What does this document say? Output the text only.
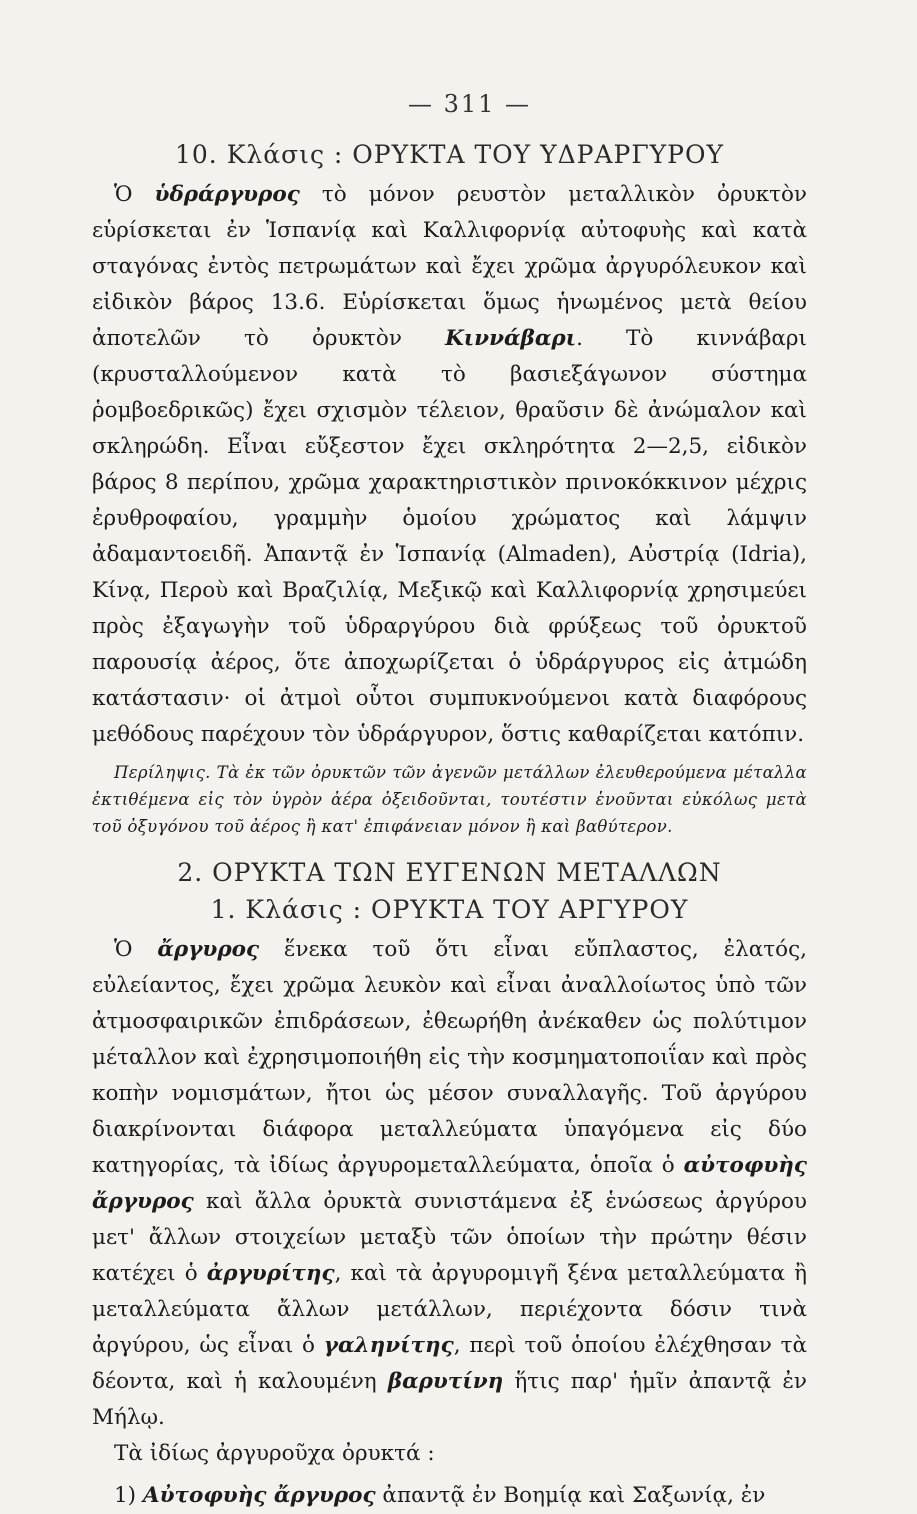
— 311 —
10. Κλάσις : ΟΡΥΚΤΑ ΤΟΥ ΥΔΡΑΡΓΥΡΟΥ

Ὁ ὑδράργυρος τὸ μόνον ρευστὸν μεταλλικὸν ὀρυκτὸν εὑρίσκεται ἐν Ἱσπανίᾳ καὶ Καλλιφορνίᾳ αὐτοφυὴς καὶ κατὰ σταγόνας ἐντὸς πετρωμάτων καὶ ἔχει χρῶμα ἀργυρόλευκον καὶ εἰδικὸν βάρος 13.6. Εὑρίσκεται ὅμως ἡνωμένος μετὰ θείου ἀποτελῶν τὸ ὀρυκτὸν Κιννάβαρι. Τὸ κιννάβαρι (κρυσταλλούμενον κατὰ τὸ βασιεξάγωνον σύστημα ῥομβοεδρικῶς) ἔχει σχισμὸν τέλειον, θραῦσιν δὲ ἀνώμαλον καὶ σκληρώδη. Εἶναι εὔξεστον ἔχει σκληρότητα 2—2,5, εἰδικὸν βάρος 8 περίπου, χρῶμα χαρακτηριστικὸν πρινοκόκκινον μέχρις ἐρυθροφαίου, γραμμὴν ὁμοίου χρώματος καὶ λάμψιν ἀδαμαντοειδῆ. Ἀπαντᾷ ἐν Ἱσπανίᾳ (Almaden), Αὐστρίᾳ (Idria), Κίνᾳ, Περοὺ καὶ Βραζιλίᾳ, Μεξικῷ καὶ Καλλιφορνίᾳ χρησιμεύει πρὸς ἐξαγωγὴν τοῦ ὑδραργύρου διὰ φρύξεως τοῦ ὀρυκτοῦ παρουσίᾳ ἀέρος, ὅτε ἀποχωρίζεται ὁ ὑδράργυρος εἰς ἀτμώδη κατάστασιν· οἱ ἀτμοὶ οὗτοι συμπυκνούμενοι κατὰ διαφόρους μεθόδους παρέχουν τὸν ὑδράργυρον, ὅστις καθαρίζεται κατόπιν.

Περίληψις. Τὰ ἐκ τῶν ὀρυκτῶν τῶν ἀγενῶν μετάλλων ἐλευθερούμενα μέταλλα ἐκτιθέμενα εἰς τὸν ὑγρὸν ἀέρα ὀξειδοῦνται, τουτέστιν ἑνοῦνται εὐκόλως μετὰ τοῦ ὀξυγόνου τοῦ ἀέρος ἢ κατ' ἐπιφάνειαν μόνον ἢ καὶ βαθύτερον.

2. ΟΡΥΚΤΑ ΤΩΝ ΕΥΓΕΝΩΝ ΜΕΤΑΛΛΩΝ
1. Κλάσις : ΟΡΥΚΤΑ ΤΟΥ ΑΡΓΥΡΟΥ

Ὁ ἄργυρος ἕνεκα τοῦ ὅτι εἶναι εὔπλαστος, ἐλατός, εὐλείαντος, ἔχει χρῶμα λευκὸν καὶ εἶναι ἀναλλοίωτος ὑπὸ τῶν ἀτμοσφαιρικῶν ἐπιδράσεων, ἐθεωρήθη ἀνέκαθεν ὡς πολύτιμον μέταλλον καὶ ἐχρησιμοποιήθη εἰς τὴν κοσμηματοποιΐαν καὶ πρὸς κοπὴν νομισμάτων, ἤτοι ὡς μέσον συναλλαγῆς. Τοῦ ἀργύρου διακρίνονται διάφορα μεταλλεύματα ὑπαγόμενα εἰς δύο κατηγορίας, τὰ ἰδίως ἀργυρομεταλλεύματα, ὁποῖα ὁ αὐτοφυὴς ἄργυρος καὶ ἄλλα ὀρυκτὰ συνιστάμενα ἐξ ἑνώσεως ἀργύρου μετ' ἄλλων στοιχείων μεταξὺ τῶν ὁποίων τὴν πρώτην θέσιν κατέχει ὁ ἀργυρίτης, καὶ τὰ ἀργυρομιγῆ ξένα μεταλλεύματα ἢ μεταλλεύματα ἄλλων μετάλλων, περιέχοντα δόσιν τινὰ ἀργύρου, ὡς εἶναι ὁ γαληνίτης, περὶ τοῦ ὁποίου ἐλέχθησαν τὰ δέοντα, καὶ ἡ καλουμένη βαρυτίνη ἥτις παρ' ἡμῖν ἀπαντᾷ ἐν Μήλῳ.

Τὰ ἰδίως ἀργυροῦχα ὀρυκτά :

1) Αὐτοφυὴς ἄργυρος ἀπαντᾷ ἐν Βοημίᾳ καὶ Σαξωνίᾳ, ἐν
